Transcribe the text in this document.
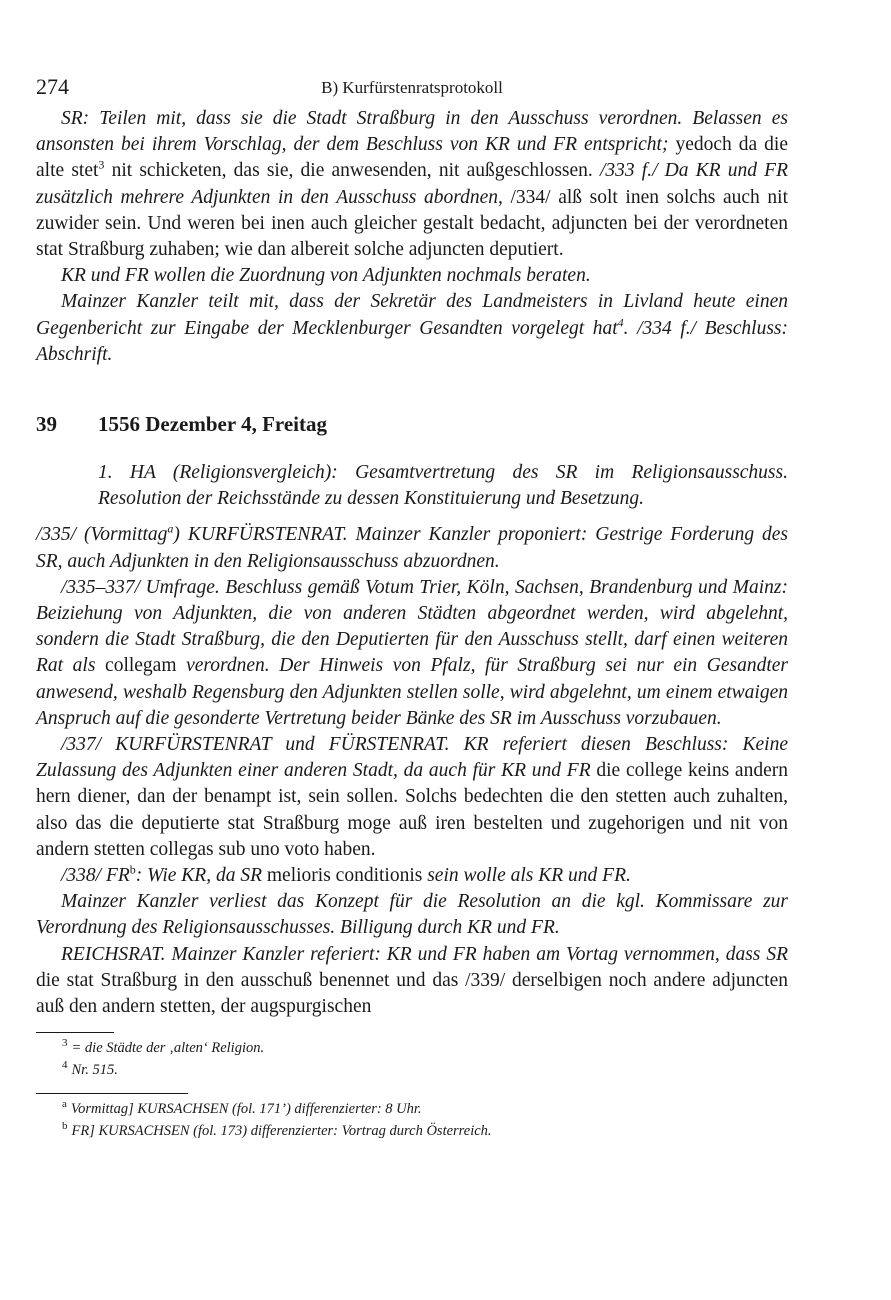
274	B) Kurfürstenratsprotokoll

SR: Teilen mit, dass sie die Stadt Straßburg in den Ausschuss verordnen. Belassen es ansonsten bei ihrem Vorschlag, der dem Beschluss von KR und FR entspricht; yedoch da die alte stet$^3$ nit schicketen, das sie, die anwesenden, nit außgeschlossen. /333 f./ Da KR und FR zusätzlich mehrere Adjunkten in den Ausschuss abordnen, /334/ alß solt inen solchs auch nit zuwider sein. Und weren bei inen auch gleicher gestalt bedacht, adjuncten bei der verordneten stat Straßburg zuhaben; wie dan albereit solche adjuncten deputiert.

KR und FR wollen die Zuordnung von Adjunkten nochmals beraten.

Mainzer Kanzler teilt mit, dass der Sekretär des Landmeisters in Livland heute einen Gegenbericht zur Eingabe der Mecklenburger Gesandten vorgelegt hat$^4$. /334 f./ Beschluss: Abschrift.

39 1556 Dezember 4, Freitag
1. HA (Religionsvergleich): Gesamtvertretung des SR im Religionsausschuss. Resolution der Reichsstände zu dessen Konstituierung und Besetzung.

/335/ (Vormittag$^a$) KURFÜRSTENRAT. Mainzer Kanzler proponiert: Gestrige Forderung des SR, auch Adjunkten in den Religionsausschuss abzuordnen.

/335–337/ Umfrage. Beschluss gemäß Votum Trier, Köln, Sachsen, Brandenburg und Mainz: Beiziehung von Adjunkten, die von anderen Städten abgeordnet werden, wird abgelehnt, sondern die Stadt Straßburg, die den Deputierten für den Ausschuss stellt, darf einen weiteren Rat als collegam verordnen. Der Hinweis von Pfalz, für Straßburg sei nur ein Gesandter anwesend, weshalb Regensburg den Adjunkten stellen solle, wird abgelehnt, um einem etwaigen Anspruch auf die gesonderte Vertretung beider Bänke des SR im Ausschuss vorzubauen.

/337/ KURFÜRSTENRAT und FÜRSTENRAT. KR referiert diesen Beschluss: Keine Zulassung des Adjunkten einer anderen Stadt, da auch für KR und FR die college keins andern hern diener, dan der benampt ist, sein sollen. Solchs bedechten die den stetten auch zuhalten, also das die deputierte stat Straßburg moge auß iren bestelten und zugehorigen und nit von andern stetten collegas sub uno voto haben.

/338/ $FR^b$: Wie KR, da SR melioris conditionis sein wolle als KR und FR.

Mainzer Kanzler verliest das Konzept für die Resolution an die kgl. Kommissare zur Verordnung des Religionsausschusses. Billigung durch KR und FR.

REICHSRAT. Mainzer Kanzler referiert: KR und FR haben am Vortag vernommen, dass SR die stat Straßburg in den ausschuß benennet und das /339/ derselbigen noch andere adjuncten auß den andern stetten, der augspurgischen

$^3$ = die Städte der ‚alten‘ Religion.
$^4$ Nr. 515.
$^a$ Vormittag] KURSACHSEN (fol. 171’) differenzierter: 8 Uhr.
$^b$ FR] KURSACHSEN (fol. 173) differenzierter: Vortrag durch Österreich.
